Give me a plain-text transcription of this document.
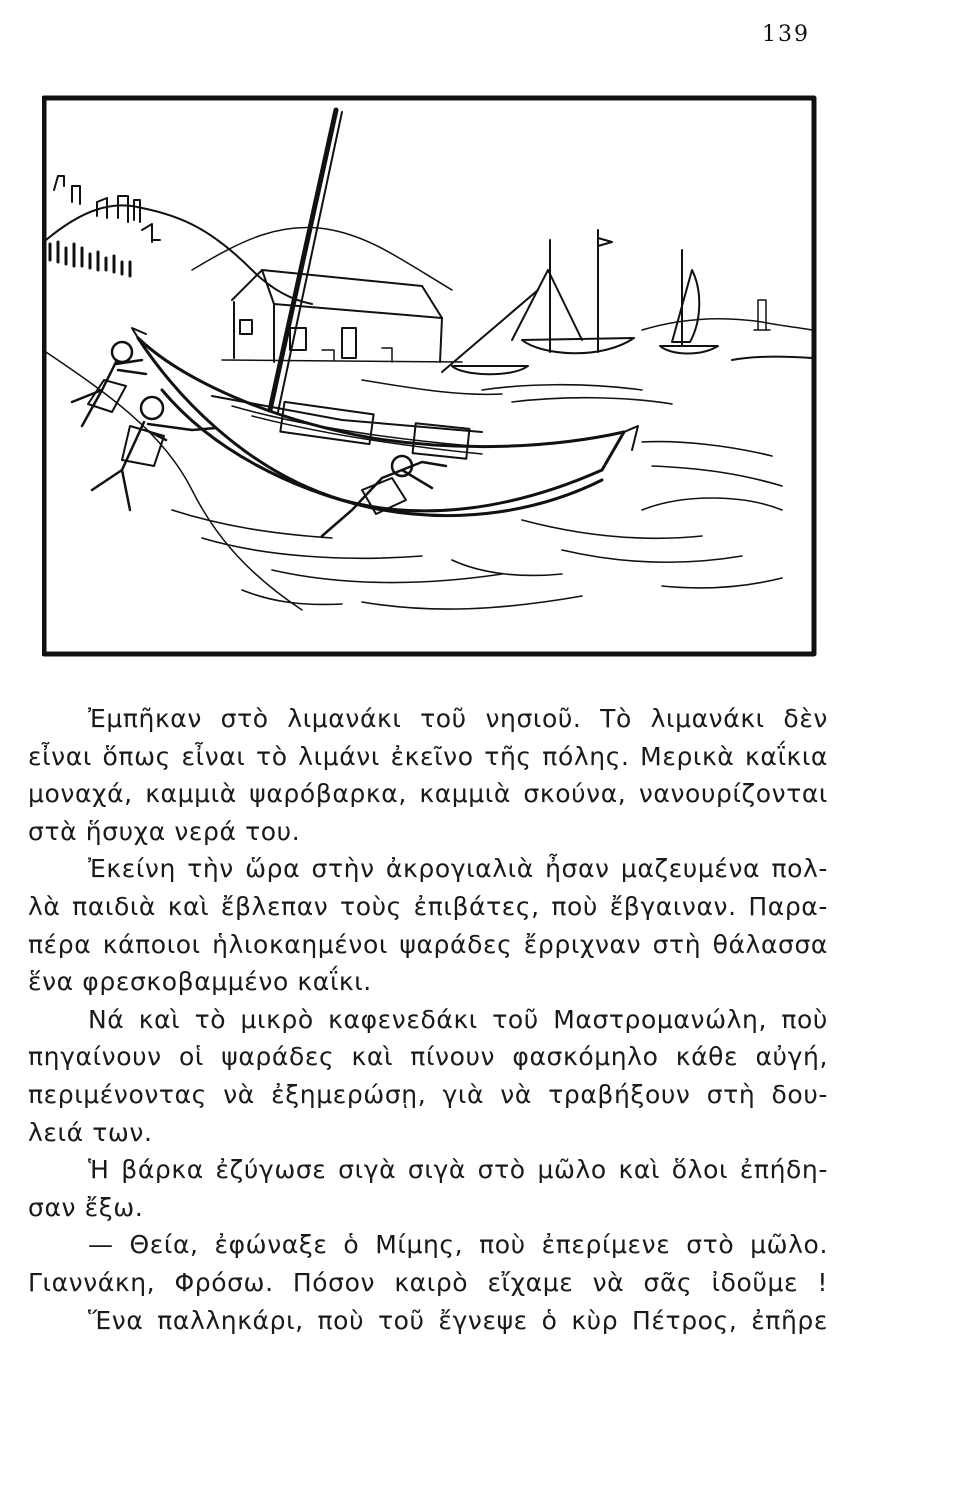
139
Ἐμπῆκαν στὸ λιμανάκι τοῦ νησιοῦ. Τὸ λιμανάκι δὲν
εἶναι ὅπως εἶναι τὸ λιμάνι ἐκεῖνο τῆς πόλης. Μερικὰ καΐκια
μοναχά, καμμιὰ ψαρόβαρκα, καμμιὰ σκούνα, νανουρίζονται
στὰ ἥσυχα νερά του.
Ἐκείνη τὴν ὥρα στὴν ἀκρογιαλιὰ ἦσαν μαζευμένα πολ-
λὰ παιδιὰ καὶ ἔβλεπαν τοὺς ἐπιβάτες, ποὺ ἔβγαιναν. Παρα-
πέρα κάποιοι ἡλιοκαημένοι ψαράδες ἔρριχναν στὴ θάλασσα
ἕνα φρεσκοβαμμένο καΐκι.
Νά καὶ τὸ μικρὸ καφενεδάκι τοῦ Μαστρομανώλη, ποὺ
πηγαίνουν οἱ ψαράδες καὶ πίνουν φασκόμηλο κάθε αὐγή,
περιμένοντας νὰ ἐξημερώσῃ, γιὰ νὰ τραβήξουν στὴ δου-
λειά των.
Ἡ βάρκα ἐζύγωσε σιγὰ σιγὰ στὸ μῶλο καὶ ὅλοι ἐπήδη-
σαν ἔξω.
— Θεία, ἐφώναξε ὁ Μίμης, ποὺ ἐπερίμενε στὸ μῶλο.
Γιαννάκη, Φρόσω. Πόσον καιρὸ εἴχαμε νὰ σᾶς ἰδοῦμε !
Ἕνα παλληκάρι, ποὺ τοῦ ἔγνεψε ὁ κὺρ Πέτρος, ἐπῆρε
